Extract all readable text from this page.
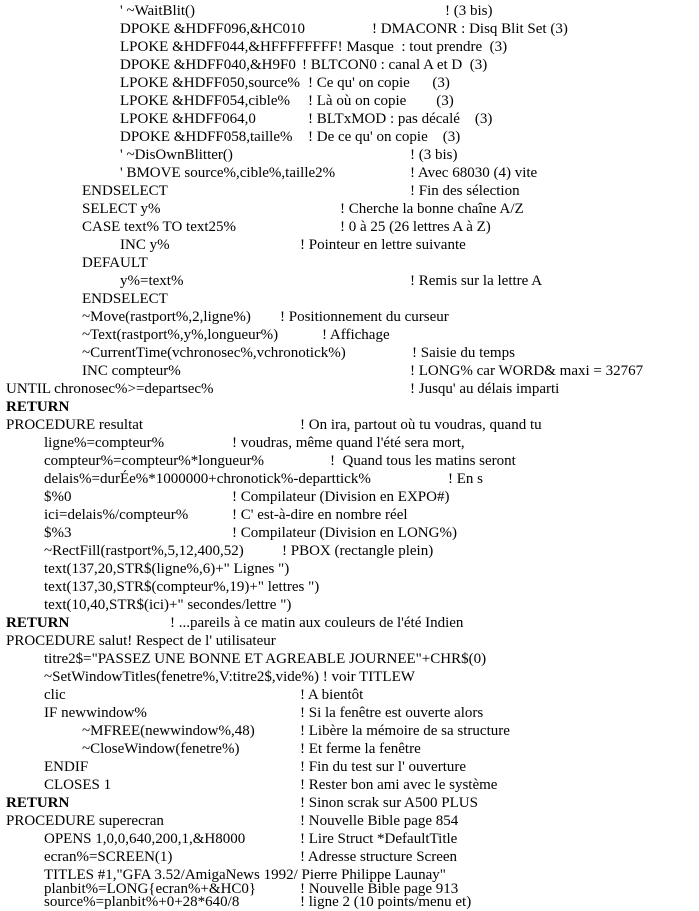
' ~WaitBlit()	! (3 bis)
DPOKE &HDFF096,&HC010	! DMACONR : Disq Blit Set (3)
LPOKE &HDFF044,&HFFFFFFFF! Masque  : tout prendre  (3)
DPOKE &HDFF040,&H9F0 ! BLTCON0 : canal A et D  (3)
LPOKE &HDFF050,source% ! Ce qu' on copie      (3)
LPOKE &HDFF054,cible% ! Là où on copie        (3)
LPOKE &HDFF064,0	! BLTxMOD : pas décalé    (3)
DPOKE &HDFF058,taille% ! De ce qu' on copie    (3)
' ~DisOwnBlitter()	! (3 bis)
' BMOVE source%,cible%,taille2%	! Avec 68030 (4) vite
ENDSELECT	! Fin des sélection
SELECT y%	! Cherche la bonne chaîne A/Z
CASE text% TO text25%	! 0 à 25 (26 lettres A à Z)
INC y%	! Pointeur en lettre suivante
DEFAULT
y%=text%	! Remis sur la lettre A
ENDSELECT
~Move(rastport%,2,ligne%) ! Positionnement du curseur
~Text(rastport%,y%,longueur%)	! Affichage
~CurrentTime(vchronosec%,vchronotick%)	! Saisie du temps
INC compteur%	! LONG% car WORD& maxi = 32767
UNTIL chronosec%>=departsec%	! Jusqu' au délais imparti
RETURN
PROCEDURE resultat	! On ira, partout où tu voudras, quand tu
ligne%=compteur%	! voudras, même quand l'été sera mort,
compteur%=compteur%*longueur%	!  Quand tous les matins seront
delais%=durÉe%*1000000+chronotick%-departtick%	! En s
$%0	! Compilateur (Division en EXPO#)
ici=delais%/compteur%	! C' est-à-dire en nombre réel
$%3	! Compilateur (Division en LONG%)
~RectFill(rastport%,5,12,400,52)	! PBOX (rectangle plein)
text(137,20,STR$(ligne%,6)+" Lignes ")
text(137,30,STR$(compteur%,19)+" lettres ")
text(10,40,STR$(ici)+" secondes/lettre ")
RETURN	! ...pareils à ce matin aux couleurs de l'été Indien
PROCEDURE salut! Respect de l' utilisateur
titre2$="PASSEZ UNE BONNE ET AGREABLE JOURNEE"+CHR$(0)
~SetWindowTitles(fenetre%,V:titre2$,vide%) ! voir TITLEW
clic	! A bientôt
IF newwindow%	! Si la fenêtre est ouverte alors
~MFREE(newwindow%,48)	! Libère la mémoire de sa structure
~CloseWindow(fenetre%)	! Et ferme la fenêtre
ENDIF	! Fin du test sur l' ouverture
CLOSES 1	! Rester bon ami avec le système
RETURN	! Sinon scrak sur A500 PLUS
PROCEDURE superecran	! Nouvelle Bible page 854
OPENS 1,0,0,640,200,1,&H8000	! Lire Struct *DefaultTitle
ecran%=SCREEN(1)	! Adresse structure Screen
TITLES #1,"GFA 3.52/AmigaNews 1992/ Pierre Philippe Launay"
planbit%=LONG{ecran%+&HC0}	! Nouvelle Bible page 913
source%=planbit%+0+28*640/8	! ligne 2 (10 points/menu et)
